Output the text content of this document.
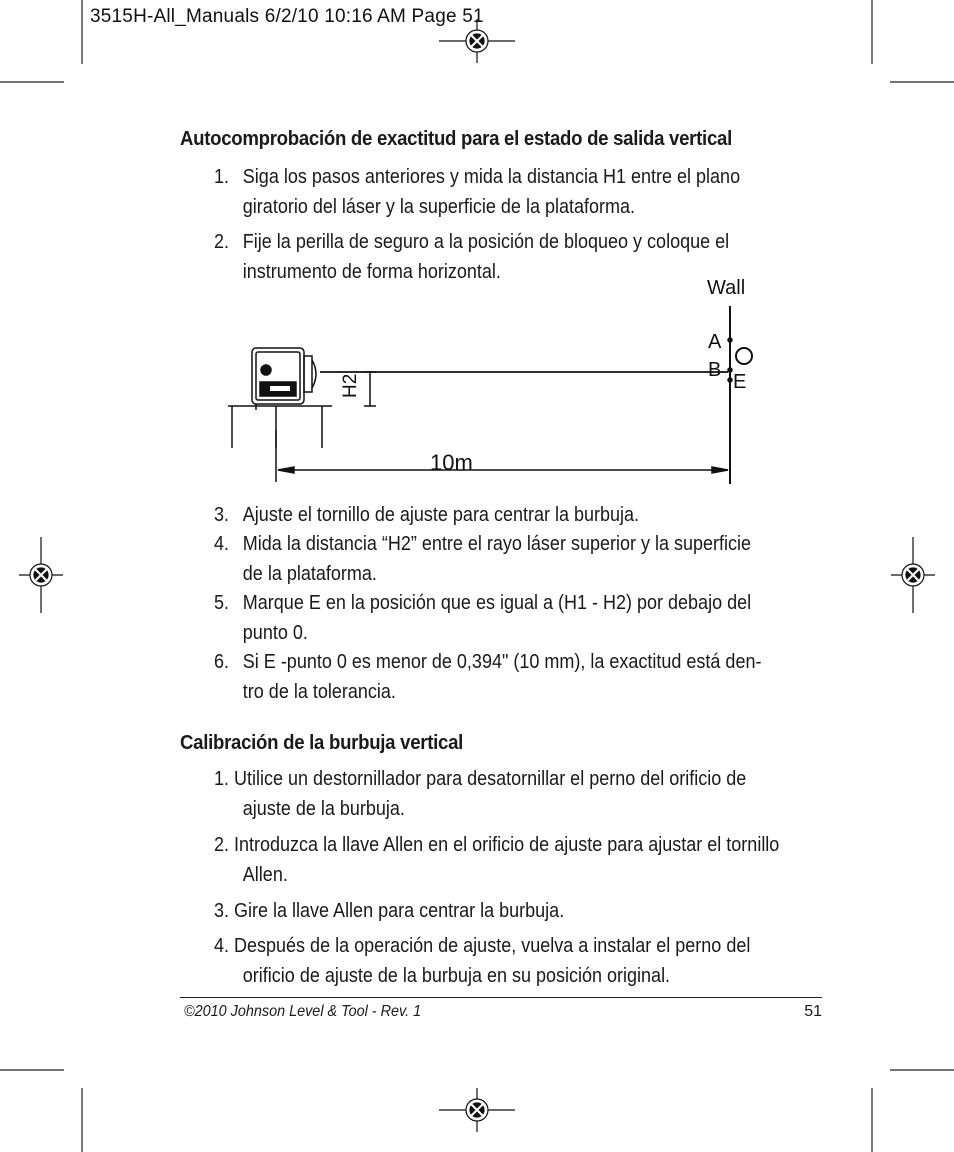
3515H-All_Manuals 6/2/10 10:16 AM Page 51
Autocomprobación de exactitud para el estado de salida vertical
1. Siga los pasos anteriores y mida la distancia H1 entre el plano giratorio del láser y la superficie de la plataforma.
2. Fije la perilla de seguro a la posición de bloqueo y coloque el instrumento de forma horizontal.
Wall
A
B
E
H2
10m
3. Ajuste el tornillo de ajuste para centrar la burbuja.
4. Mida la distancia “H2” entre el rayo láser superior y la superficie de la plataforma.
5. Marque E en la posición que es igual a (H1 - H2) por debajo del punto 0.
6. Si E -punto 0 es menor de 0,394" (10 mm), la exactitud está den-tro de la tolerancia.
Calibración de la burbuja vertical
1. Utilice un destornillador para desatornillar el perno del orificio de ajuste de la burbuja.
2. Introduzca la llave Allen en el orificio de ajuste para ajustar el tornillo Allen.
3. Gire la llave Allen para centrar la burbuja.
4. Después de la operación de ajuste, vuelva a instalar el perno del orificio de ajuste de la burbuja en su posición original.
©2010 Johnson Level & Tool - Rev. 1	51
